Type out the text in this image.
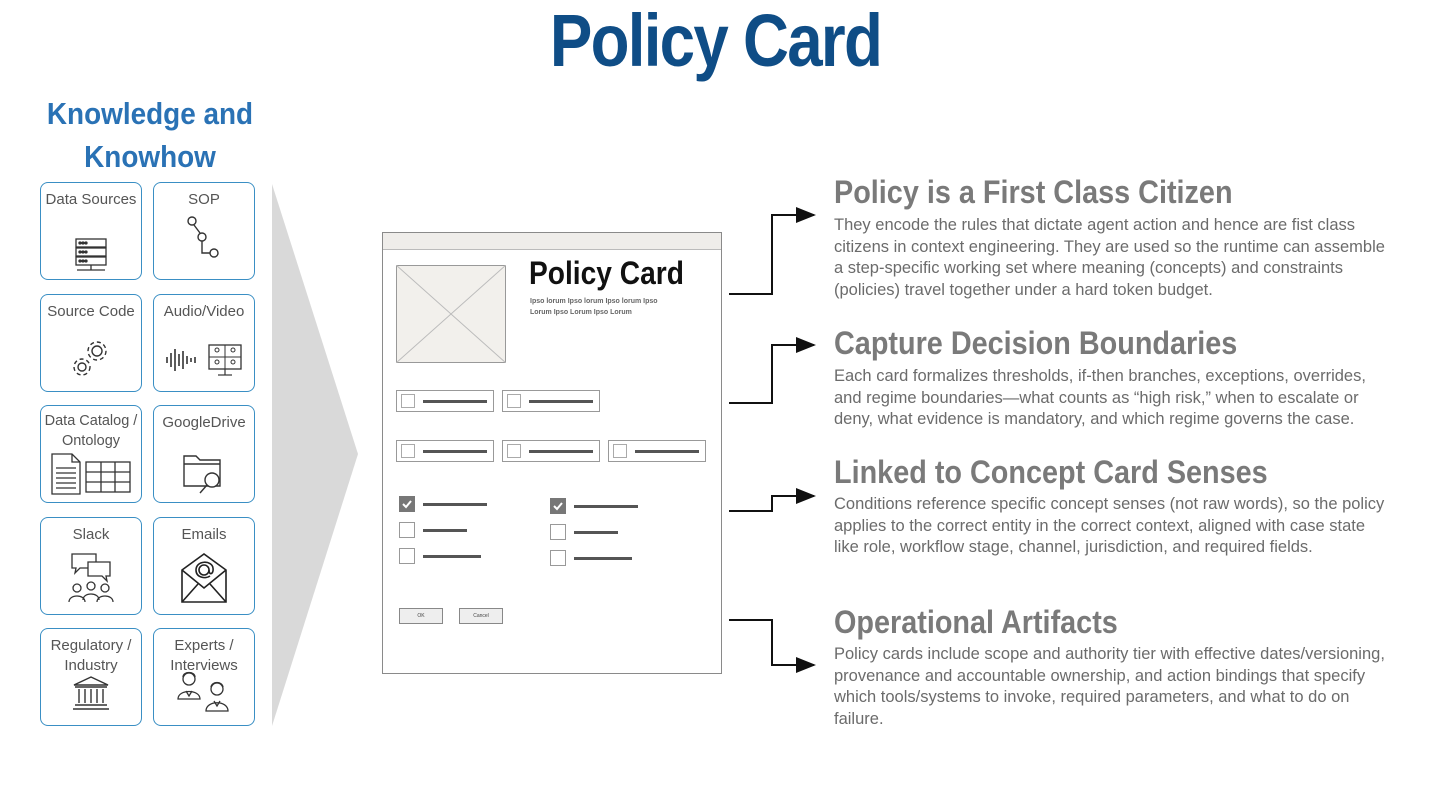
Policy Card
Knowledge and Knowhow
Data Sources	SOP
Source Code	Audio/Video
Data Catalog / Ontology
GoogleDrive
Slack	Emails
Regulatory / Industry
Experts / Interviews
Policy Card
Ipso lorum Ipso lorum Ipso lorum Ipso Lorum Ipso Lorum Ipso Lorum
OK	Cancel
Policy is a First Class Citizen
They encode the rules that dictate agent action and hence are fist class citizens in context engineering. They are used so the runtime can assemble a step-specific working set where meaning (concepts) and constraints (policies) travel together under a hard token budget.
Capture Decision Boundaries
Each card formalizes thresholds, if-then branches, exceptions, overrides, and regime boundaries—what counts as “high risk,” when to escalate or deny, what evidence is mandatory, and which regime governs the case.
Linked to Concept Card Senses
Conditions reference specific concept senses (not raw words), so the policy applies to the correct entity in the correct context, aligned with case state like role, workflow stage, channel, jurisdiction, and required fields.
Operational Artifacts
Policy cards include scope and authority tier with effective dates/versioning, provenance and accountable ownership, and action bindings that specify which tools/systems to invoke, required parameters, and what to do on failure.
